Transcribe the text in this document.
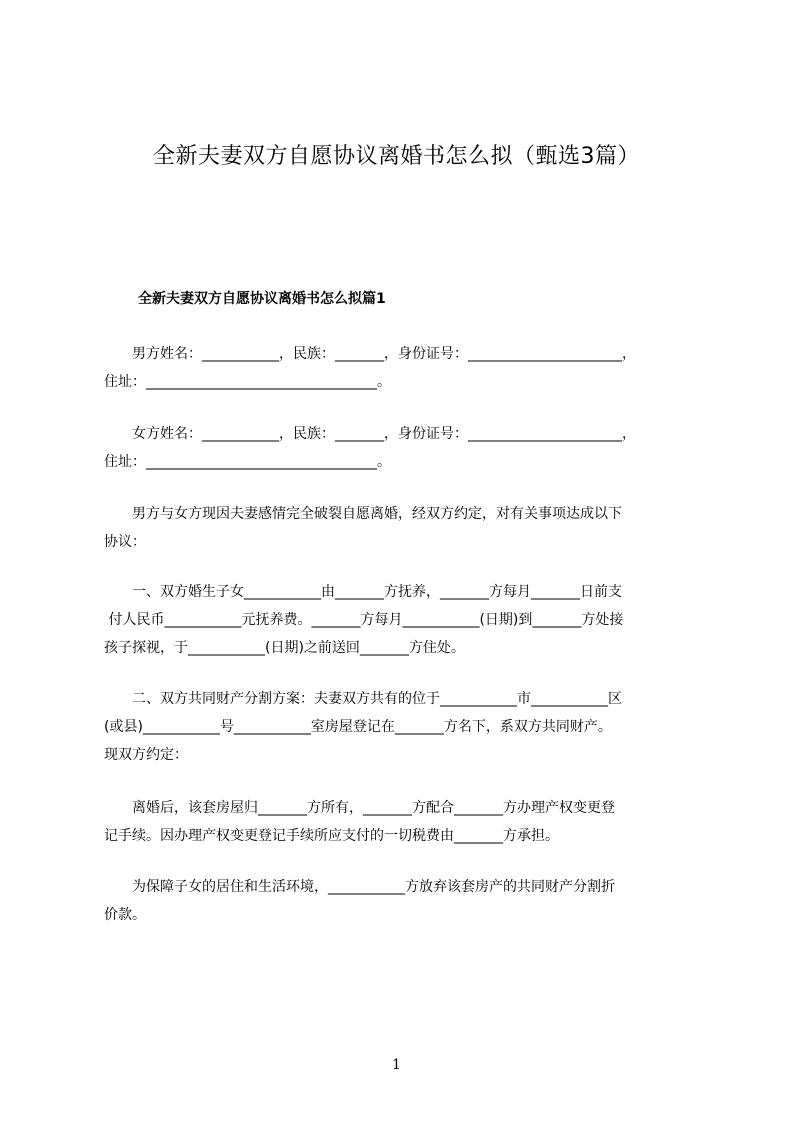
全新夫妻双方自愿协议离婚书怎么拟（甄选3篇）
全新夫妻双方自愿协议离婚书怎么拟篇1
　　男方姓名：___________，民族：_______，身份证号：______________________，
住址：_________________________________。
　　女方姓名：___________，民族：_______，身份证号：______________________，
住址：_________________________________。
　　男方与女方现因夫妻感情完全破裂自愿离婚，经双方约定，对有关事项达成以下
协议：
　　一、双方婚生子女___________由_______方抚养，_______方每月_______日前支
付人民币___________元抚养费。_______方每月___________(日期)到_______方处接
孩子探视，于___________(日期)之前送回_______方住处。
　　二、双方共同财产分割方案：夫妻双方共有的位于___________市___________区
(或县)___________号___________室房屋登记在_______方名下，系双方共同财产。
现双方约定：
　　离婚后，该套房屋归_______方所有，_______方配合_______方办理产权变更登
记手续。因办理产权变更登记手续所应支付的一切税费由_______方承担。
　　为保障子女的居住和生活环境，___________方放弃该套房产的共同财产分割折
价款。
1
